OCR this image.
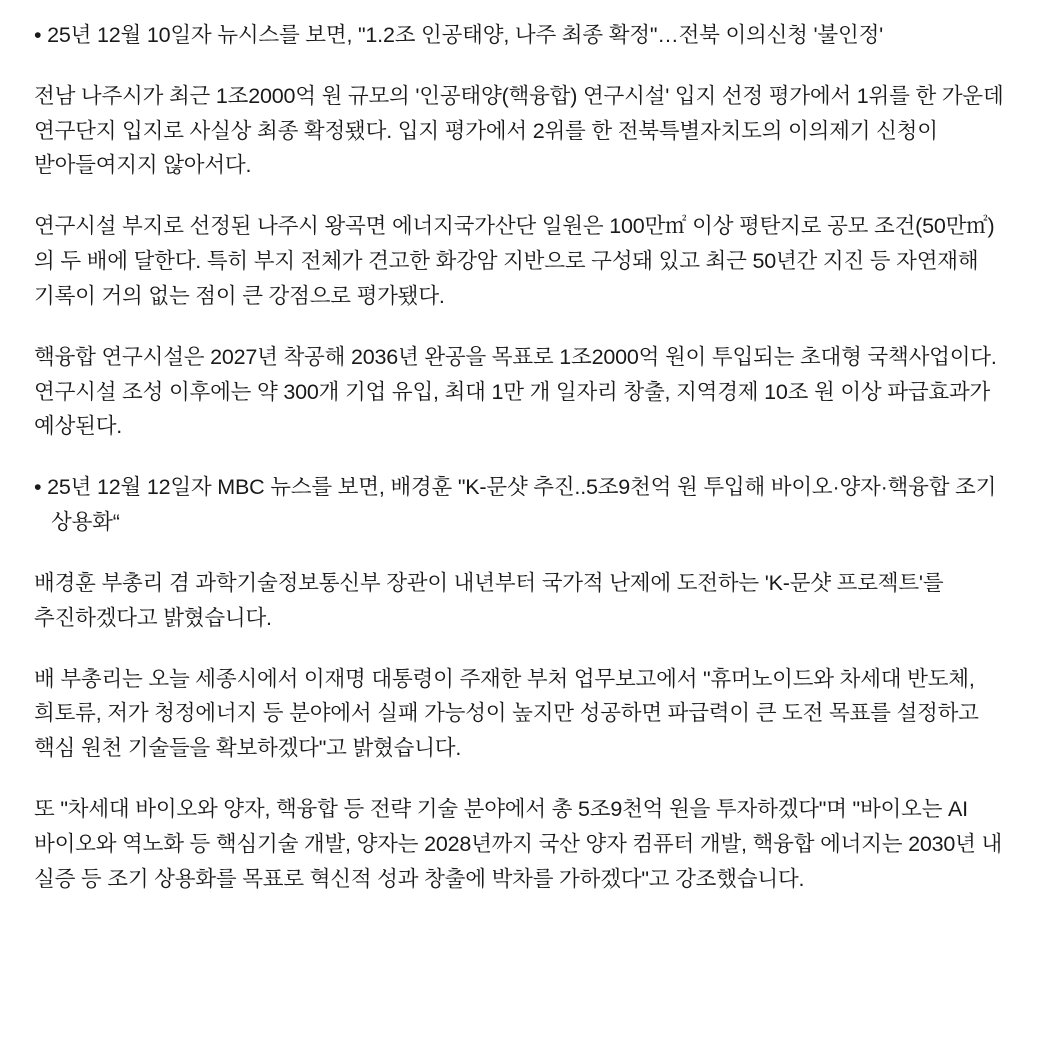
• 25년 12월 10일자 뉴시스를 보면, "1.2조 인공태양, 나주 최종 확정"…전북 이의신청 '불인정'

전남 나주시가 최근 1조2000억 원 규모의 '인공태양(핵융합) 연구시설' 입지 선정 평가에서 1위를 한 가운데 연구단지 입지로 사실상 최종 확정됐다. 입지 평가에서 2위를 한 전북특별자치도의 이의제기 신청이 받아들여지지 않아서다.

연구시설 부지로 선정된 나주시 왕곡면 에너지국가산단 일원은 100만㎡ 이상 평탄지로 공모 조건(50만㎡)의 두 배에 달한다. 특히 부지 전체가 견고한 화강암 지반으로 구성돼 있고 최근 50년간 지진 등 자연재해 기록이 거의 없는 점이 큰 강점으로 평가됐다.

핵융합 연구시설은 2027년 착공해 2036년 완공을 목표로 1조2000억 원이 투입되는 초대형 국책사업이다. 연구시설 조성 이후에는 약 300개 기업 유입, 최대 1만 개 일자리 창출, 지역경제 10조 원 이상 파급효과가 예상된다.

• 25년 12월 12일자 MBC 뉴스를 보면, 배경훈 "K-문샷 추진..5조9천억 원 투입해 바이오·양자·핵융합 조기 상용화“

배경훈 부총리 겸 과학기술정보통신부 장관이 내년부터 국가적 난제에 도전하는 'K-문샷 프로젝트'를 추진하겠다고 밝혔습니다.

배 부총리는 오늘 세종시에서 이재명 대통령이 주재한 부처 업무보고에서 "휴머노이드와 차세대 반도체, 희토류, 저가 청정에너지 등 분야에서 실패 가능성이 높지만 성공하면 파급력이 큰 도전 목표를 설정하고 핵심 원천 기술들을 확보하겠다"고 밝혔습니다.

또 "차세대 바이오와 양자, 핵융합 등 전략 기술 분야에서 총 5조9천억 원을 투자하겠다"며 "바이오는 AI 바이오와 역노화 등 핵심기술 개발, 양자는 2028년까지 국산 양자 컴퓨터 개발, 핵융합 에너지는 2030년 내 실증 등 조기 상용화를 목표로 혁신적 성과 창출에 박차를 가하겠다"고 강조했습니다.
